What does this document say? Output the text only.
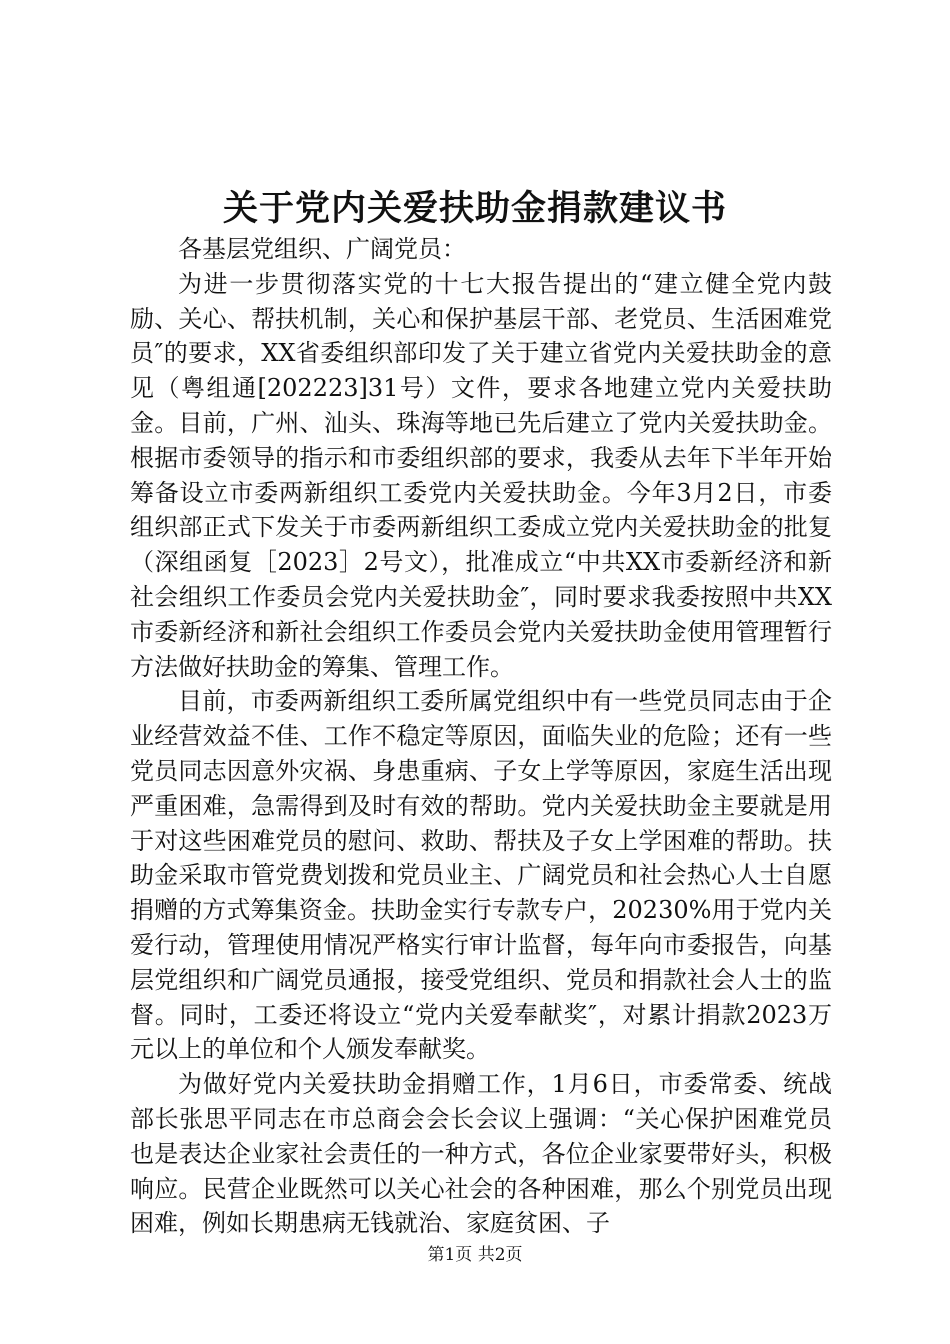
关于党内关爱扶助金捐款建议书

各基层党组织、广阔党员：

为进一步贯彻落实党的十七大报告提出的“建立健全党内鼓励、关心、帮扶机制，关心和保护基层干部、老党员、生活困难党员″的要求，XX省委组织部印发了关于建立省党内关爱扶助金的意见（粤组通[202223]31号）文件，要求各地建立党内关爱扶助金。目前，广州、汕头、珠海等地已先后建立了党内关爱扶助金。根据市委领导的指示和市委组织部的要求，我委从去年下半年开始筹备设立市委两新组织工委党内关爱扶助金。今年3月2日，市委组织部正式下发关于市委两新组织工委成立党内关爱扶助金的批复（深组函复［2023］2号文），批准成立“中共XX市委新经济和新社会组织工作委员会党内关爱扶助金″，同时要求我委按照中共XX市委新经济和新社会组织工作委员会党内关爱扶助金使用管理暂行方法做好扶助金的筹集、管理工作。

目前，市委两新组织工委所属党组织中有一些党员同志由于企业经营效益不佳、工作不稳定等原因，面临失业的危险；还有一些党员同志因意外灾祸、身患重病、子女上学等原因，家庭生活出现严重困难，急需得到及时有效的帮助。党内关爱扶助金主要就是用于对这些困难党员的慰问、救助、帮扶及子女上学困难的帮助。扶助金采取市管党费划拨和党员业主、广阔党员和社会热心人士自愿捐赠的方式筹集资金。扶助金实行专款专户，20230%用于党内关爱行动，管理使用情况严格实行审计监督，每年向市委报告，向基层党组织和广阔党员通报，接受党组织、党员和捐款社会人士的监督。同时，工委还将设立“党内关爱奉献奖″，对累计捐款2023万元以上的单位和个人颁发奉献奖。

为做好党内关爱扶助金捐赠工作，1月6日，市委常委、统战部长张思平同志在市总商会会长会议上强调：“关心保护困难党员也是表达企业家社会责任的一种方式，各位企业家要带好头，积极响应。民营企业既然可以关心社会的各种困难，那么个别党员出现困难，例如长期患病无钱就治、家庭贫困、子

第1页 共2页
